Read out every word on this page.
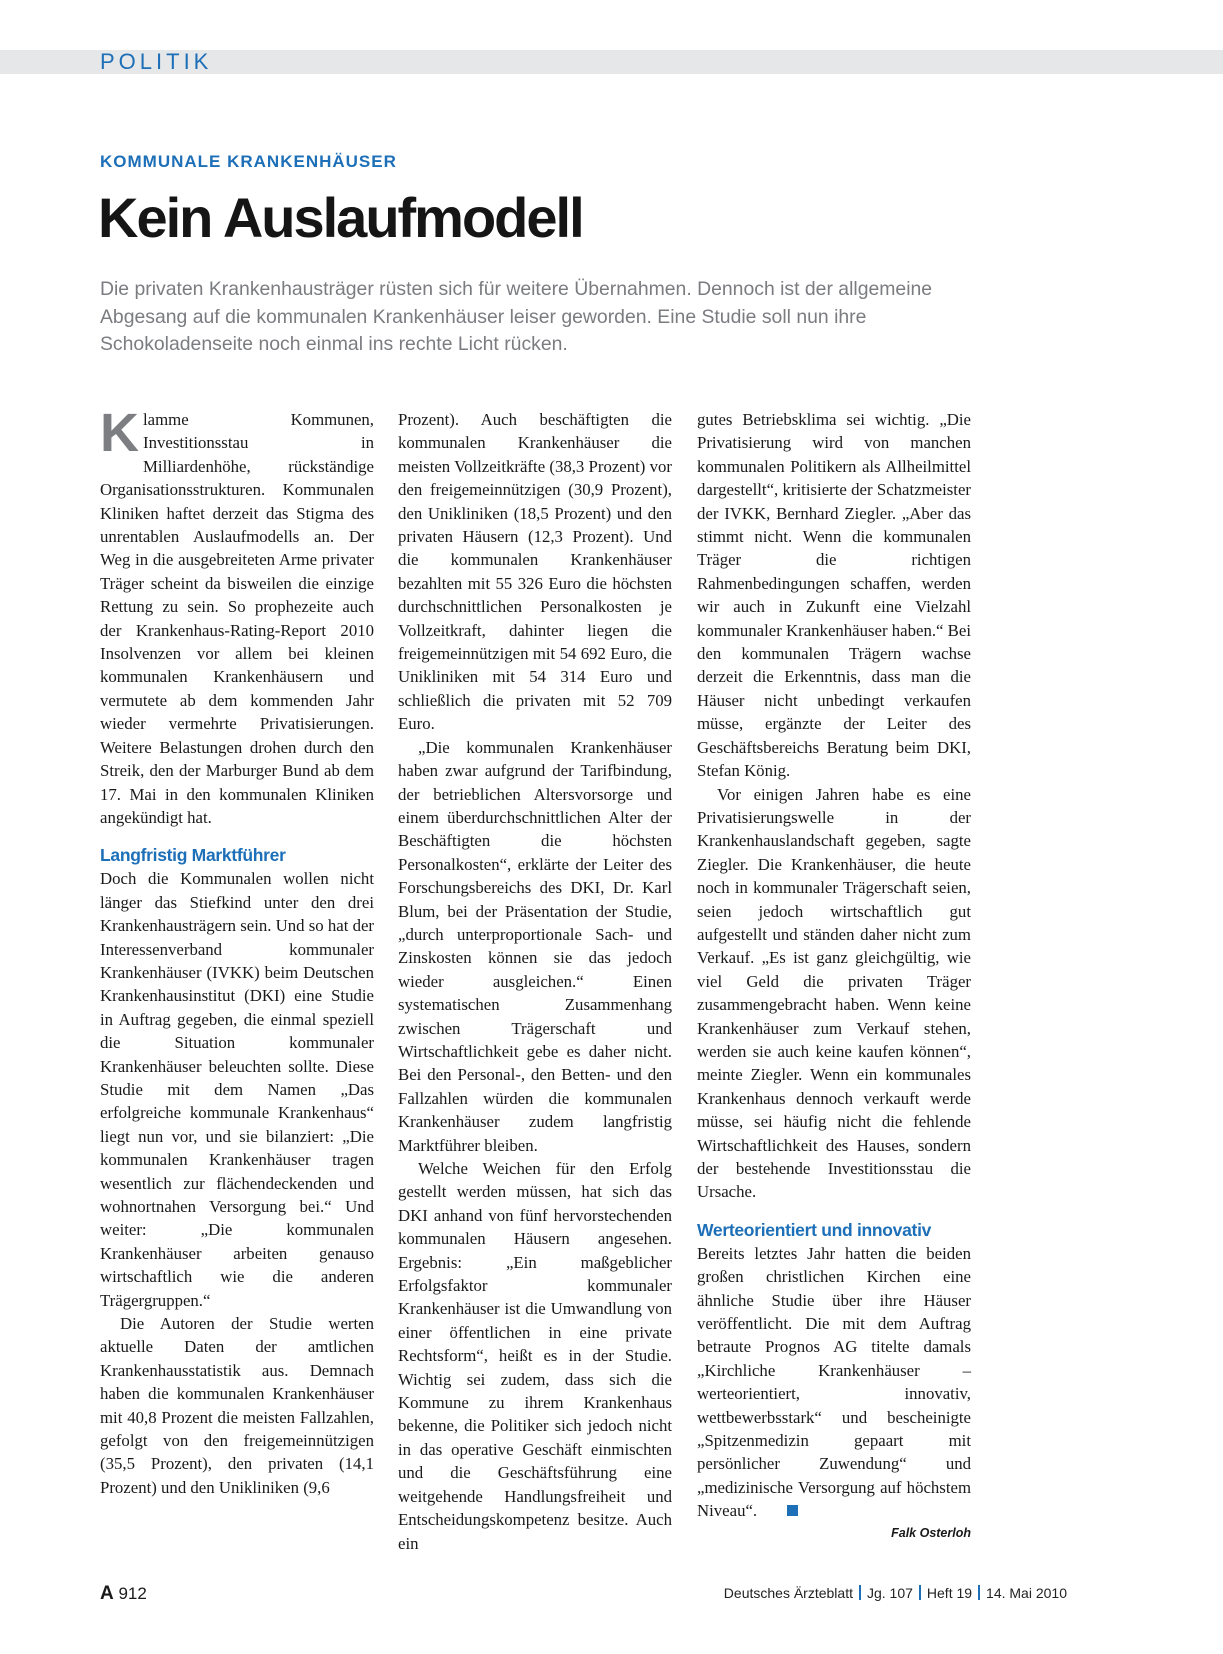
POLITIK
KOMMUNALE KRANKENHÄUSER
Kein Auslaufmodell

Die privaten Krankenhausträger rüsten sich für weitere Übernahmen. Dennoch ist der allgemeine Abgesang auf die kommunalen Krankenhäuser leiser geworden. Eine Studie soll nun ihre Schokoladenseite noch einmal ins rechte Licht rücken.

Klamme Kommunen, Investitionsstau in Milliardenhöhe, rückständige Organisationsstrukturen. Kommunalen Kliniken haftet derzeit das Stigma des unrentablen Auslaufmodells an. Der Weg in die ausgebreiteten Arme privater Träger scheint da bisweilen die einzige Rettung zu sein. So prophezeite auch der Krankenhaus-Rating-Report 2010 Insolvenzen vor allem bei kleinen kommunalen Krankenhäusern und vermutete ab dem kommenden Jahr wieder vermehrte Privatisierungen. Weitere Belastungen drohen durch den Streik, den der Marburger Bund ab dem 17. Mai in den kommunalen Kliniken angekündigt hat.

Langfristig Marktführer

Doch die Kommunalen wollen nicht länger das Stiefkind unter den drei Krankenhausträgern sein. Und so hat der Interessenverband kommunaler Krankenhäuser (IVKK) beim Deutschen Krankenhausinstitut (DKI) eine Studie in Auftrag gegeben, die einmal speziell die Situation kommunaler Krankenhäuser beleuchten sollte. Diese Studie mit dem Namen „Das erfolgreiche kommunale Krankenhaus“ liegt nun vor, und sie bilanziert: „Die kommunalen Krankenhäuser tragen wesentlich zur flächendeckenden und wohnortnahen Versorgung bei.“ Und weiter: „Die kommunalen Krankenhäuser arbeiten genauso wirtschaftlich wie die anderen Trägergruppen.“

Die Autoren der Studie werten aktuelle Daten der amtlichen Krankenhausstatistik aus. Demnach haben die kommunalen Krankenhäuser mit 40,8 Prozent die meisten Fallzahlen, gefolgt von den freigemeinnützigen (35,5 Prozent), den privaten (14,1 Prozent) und den Unikliniken (9,6

Prozent). Auch beschäftigten die kommunalen Krankenhäuser die meisten Vollzeitkräfte (38,3 Prozent) vor den freigemeinnützigen (30,9 Prozent), den Unikliniken (18,5 Prozent) und den privaten Häusern (12,3 Prozent). Und die kommunalen Krankenhäuser bezahlten mit 55 326 Euro die höchsten durchschnittlichen Personalkosten je Vollzeitkraft, dahinter liegen die freigemeinnützigen mit 54 692 Euro, die Unikliniken mit 54 314 Euro und schließlich die privaten mit 52 709 Euro.

„Die kommunalen Krankenhäuser haben zwar aufgrund der Tarifbindung, der betrieblichen Altersvorsorge und einem überdurchschnittlichen Alter der Beschäftigten die höchsten Personalkosten“, erklärte der Leiter des Forschungsbereichs des DKI, Dr. Karl Blum, bei der Präsentation der Studie, „durch unterproportionale Sach- und Zinskosten können sie das jedoch wieder ausgleichen.“ Einen systematischen Zusammenhang zwischen Trägerschaft und Wirtschaftlichkeit gebe es daher nicht. Bei den Personal-, den Betten- und den Fallzahlen würden die kommunalen Krankenhäuser zudem langfristig Marktführer bleiben.

Welche Weichen für den Erfolg gestellt werden müssen, hat sich das DKI anhand von fünf hervorstechenden kommunalen Häusern angesehen. Ergebnis: „Ein maßgeblicher Erfolgsfaktor kommunaler Krankenhäuser ist die Umwandlung von einer öffentlichen in eine private Rechtsform“, heißt es in der Studie. Wichtig sei zudem, dass sich die Kommune zu ihrem Krankenhaus bekenne, die Politiker sich jedoch nicht in das operative Geschäft einmischten und die Geschäftsführung eine weitgehende Handlungsfreiheit und Entscheidungskompetenz besitze. Auch ein

gutes Betriebsklima sei wichtig. „Die Privatisierung wird von manchen kommunalen Politikern als Allheilmittel dargestellt“, kritisierte der Schatzmeister der IVKK, Bernhard Ziegler. „Aber das stimmt nicht. Wenn die kommunalen Träger die richtigen Rahmenbedingungen schaffen, werden wir auch in Zukunft eine Vielzahl kommunaler Krankenhäuser haben.“ Bei den kommunalen Trägern wachse derzeit die Erkenntnis, dass man die Häuser nicht unbedingt verkaufen müsse, ergänzte der Leiter des Geschäftsbereichs Beratung beim DKI, Stefan König.

Vor einigen Jahren habe es eine Privatisierungswelle in der Krankenhauslandschaft gegeben, sagte Ziegler. Die Krankenhäuser, die heute noch in kommunaler Trägerschaft seien, seien jedoch wirtschaftlich gut aufgestellt und ständen daher nicht zum Verkauf. „Es ist ganz gleichgültig, wie viel Geld die privaten Träger zusammengebracht haben. Wenn keine Krankenhäuser zum Verkauf stehen, werden sie auch keine kaufen können“, meinte Ziegler. Wenn ein kommunales Krankenhaus dennoch verkauft werde müsse, sei häufig nicht die fehlende Wirtschaftlichkeit des Hauses, sondern der bestehende Investitionsstau die Ursache.

Werteorientiert und innovativ

Bereits letztes Jahr hatten die beiden großen christlichen Kirchen eine ähnliche Studie über ihre Häuser veröffentlicht. Die mit dem Auftrag betraute Prognos AG titelte damals „Kirchliche Krankenhäuser – werteorientiert, innovativ, wettbewerbsstark“ und bescheinigte „Spitzenmedizin gepaart mit persönlicher Zuwendung“ und „medizinische Versorgung auf höchstem Niveau“.

Falk Osterloh
A 912	Deutsches Ärzteblatt Jg. 107 Heft 19 14. Mai 2010
